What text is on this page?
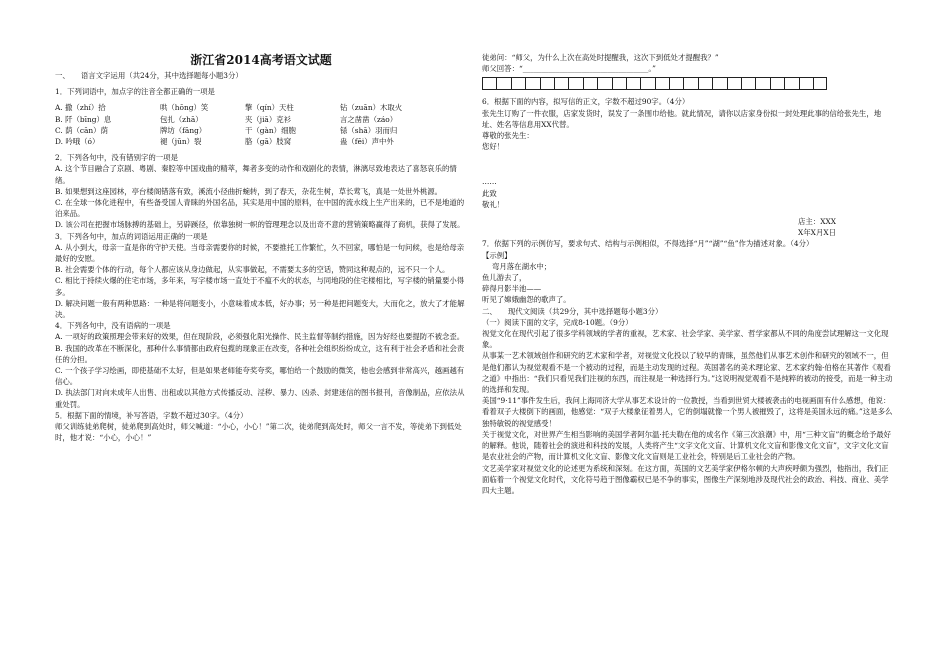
浙江省2014高考语文试题

一、　　语言文字运用（共24分，其中选择题每小题3分）

1．下列词语中，加点字的注音全都正确的一项是

A. 撒（zhí）拾	哄（hōng）笑	擎（qín）天柱	钻（zuān）木取火
B. 阡（bīng）息	包扎（zhā）	夹（jiā）克衫	言之凿凿（záo）
C. 荫（cān）荫	牌坊（fāng）	干（gàn）细胞	铩（shā）羽而归
D. 吟哦（ó）	褪（jūn）裂	胳（gā）肢窝	蛊（fēi）声中外

2．下列各句中，没有错别字的一项是

A. 这个节目融合了京剧、粤剧、秦腔等中国戏曲的精萃，舞者多变的动作和戏剧化的表情，淋漓尽致地表达了喜怒哀乐的情绪。

B. 如果想到这座园林，亭台楼阁错落有致，溪流小径曲折蜿转，到了春天，杂花生树，草长莺飞，真是一处世外桃源。

C. 在全球一体化进程中，有些备受国人青睐的外国名品，其实是用中国的原料，在中国的流水线上生产出来的，已不是地道的泊来品。

D. 该公司在把握市场脉搏的基础上，另辟蹊径，依靠独树一帜的管理理念以及出奇不意的营销策略赢得了商机，获得了发展。

3．下列各句中，加点的词语运用正确的一项是

A. 从小到大，母亲一直是你的守护天使。当母亲需要你的时候，不要推托工作繁忙，久不回家，哪怕是一句问候，也是给母亲最好的安慰。

B. 社会需要个体的行动，每个人都应该从身边做起，从实事做起，不需要太多的空话，赞同这种观点的，远不只一个人。

C. 相比于持续火爆的住宅市场，多年来，写字楼市场一直处于不瘟不火的状态，与同地段的住宅楼相比，写字楼的销量要小得多。

D. 解决问题一般有两种思路：一种是将问题变小，小意味着成本低，好办事；另一种是把问题变大，大而化之，放大了才能解决。

4．下列各句中，没有语病的一项是

A. 一项好的政策照理会带来好的效果，但在现阶段，必须强化阳光操作、民主监督等制约措施，因为好经也要提防不被念歪。

B. 我国的改革在不断深化，那种什么事情都由政府包揽的现象正在改变，各种社会组织纷纷成立，这有利于社会矛盾和社会责任的分担。

C. 一个孩子学习绘画，即使基础不太好，但是如果老师能夸奖夸奖，哪怕给一个鼓励的微笑，他也会感到非常高兴，越画越有信心。

D. 执法部门对向未成年人出售、出租或以其他方式传播反动、淫秽、暴力、凶杀、封建迷信的图书报刊，音像制品，应依法从重处罚。

5．根据下面的情境，补写答语，字数不超过30字。（4分）

师父训练徒弟爬树，徒弟爬到高处时，师父喊道：“小心，小心！”第二次，徒弟爬到高处时，师父一言不发，等徒弟下到低处时，他才说：“小心，小心！”

徒弟问：“师父，为什么上次在高处时提醒我，这次下到低处才提醒我？”

师父回答：“__________________________________。”

6．根据下面的内容，拟写信的正文，字数不超过90字。（4分）

张先生订购了一件衣服，店家发货时，误发了一条围巾给他。就此情况，请你以店家身份拟一封处理此事的信给张先生，地址、姓名等信息用XX代替。

尊敬的张先生：

您好！

……

此致

敬礼！

店主：XXX

X年X月X日

7．依据下列的示例仿写，要求句式、结构与示例相似，不得选择“月”“湖”“鱼”作为描述对象。（4分）

【示例】

弯月落在湖水中；

鱼儿游去了，

碎得月影半池——

听见了嫦娥幽怨的歌声了。

二、　　现代文阅读（共29分，其中选择题每小题3分）

（一）阅读下面的文字，完成8-10题。（9分）

视觉文化在现代引起了很多学科领域的学者的重视，艺术家、社会学家、美学家、哲学家都从不同的角度尝试理解这一文化现象。

从事某一艺术领域创作和研究的艺术家和学者，对视觉文化投以了较早的青睐，虽然他们从事艺术创作和研究的领域不一，但是他们都认为视觉观看不是一个被动的过程，而是主动发现的过程。英国著名的美术理论家、艺术家约翰·伯格在其著作《观看之道》中指出：“我们只看见我们注视的东西，而注视是一种选择行为。”这说明视觉观看不是纯粹的被动的接受，而是一种主动的选择和发现。

美国“9·11”事件发生后，我问上海同济大学从事艺术设计的一位教授，当看到世贸大楼被袭击的电视画面有什么感想，他说：看着双子大楼倒下的画面，他感觉：“双子大楼象征着男人，它的倒塌就像一个男人被摧毁了，这将是美国永远的痛。”这是多么独特敏锐的视觉感受！

关于视觉文化，对世界产生相当影响的美国学者阿尔温·托夫勒在他的成名作《第三次浪潮》中，用“三种文盲”的概念给予最好的解释。他说，随着社会的演进和科技的发展，人类将产生“文字文化文盲、计算机文化文盲和影像文化文盲”，文字文化文盲是农业社会的产物，而计算机文化文盲、影像文化文盲则是工业社会，特别是后工业社会的产物。

文艺美学家对视觉文化的论述更为系统和深刻。在这方面，英国的文艺美学家伊格尔顿的大声疾呼颇为强烈，他指出，我们正面临着一个视觉文化时代，文化符号趋于图像霸权已是不争的事实，图像生产深刻地涉及现代社会的政治、科技、商业、美学四大主题。
